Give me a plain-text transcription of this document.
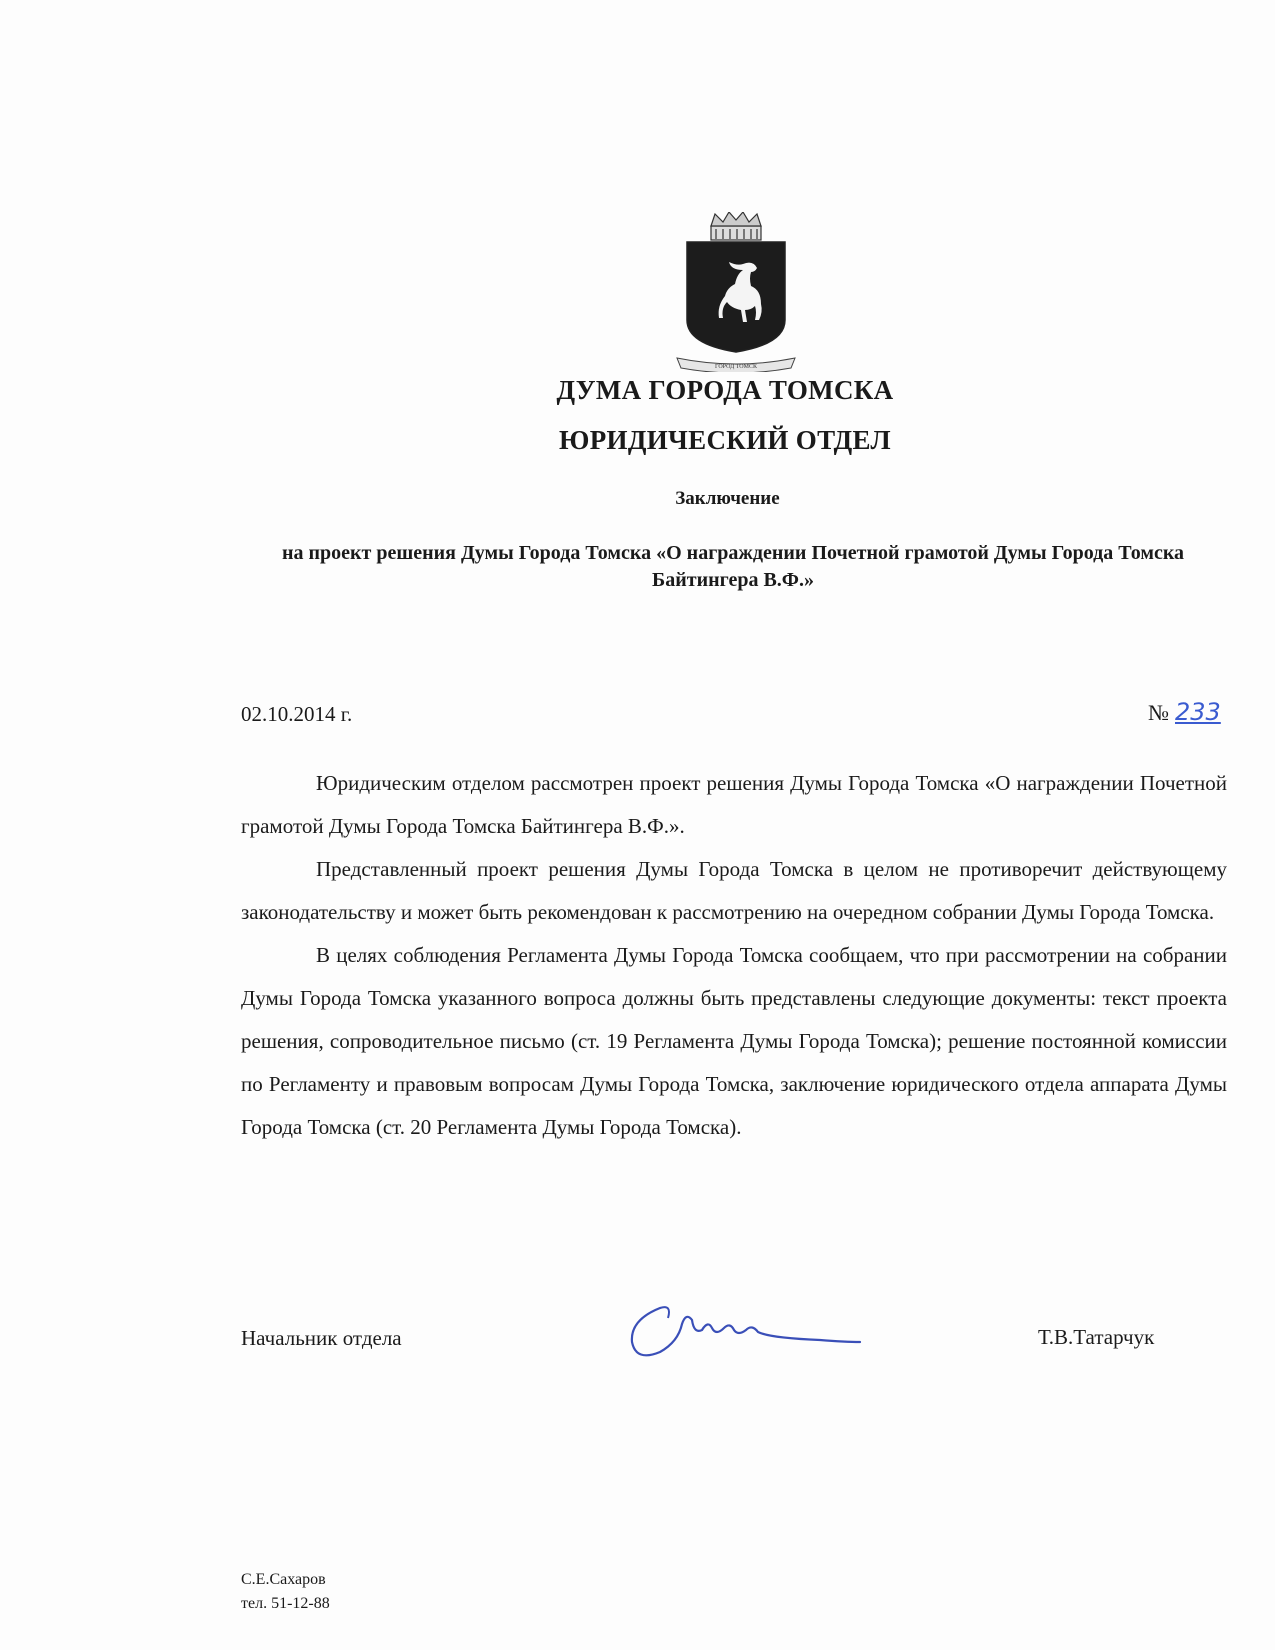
ГОРОД ТОМСК
ДУМА ГОРОДА ТОМСКА
ЮРИДИЧЕСКИЙ ОТДЕЛ
Заключение
на проект решения Думы Города Томска «О награждении Почетной грамотой Думы Города Томска Байтингера В.Ф.»
02.10.2014 г.	№ 233

Юридическим отделом рассмотрен проект решения Думы Города Томска «О награждении Почетной грамотой Думы Города Томска Байтингера В.Ф.».

Представленный проект решения Думы Города Томска в целом не противоречит действующему законодательству и может быть рекомендован к рассмотрению на очередном собрании Думы Города Томска.

В целях соблюдения Регламента Думы Города Томска сообщаем, что при рассмотрении на собрании Думы Города Томска указанного вопроса должны быть представлены следующие документы: текст проекта решения, сопроводительное письмо (ст. 19 Регламента Думы Города Томска); решение постоянной комиссии по Регламенту и правовым вопросам Думы Города Томска, заключение юридического отдела аппарата Думы Города Томска (ст. 20 Регламента Думы Города Томска).

Начальник отдела	Т.В.Татарчук
С.Е.Сахаров
тел. 51-12-88
